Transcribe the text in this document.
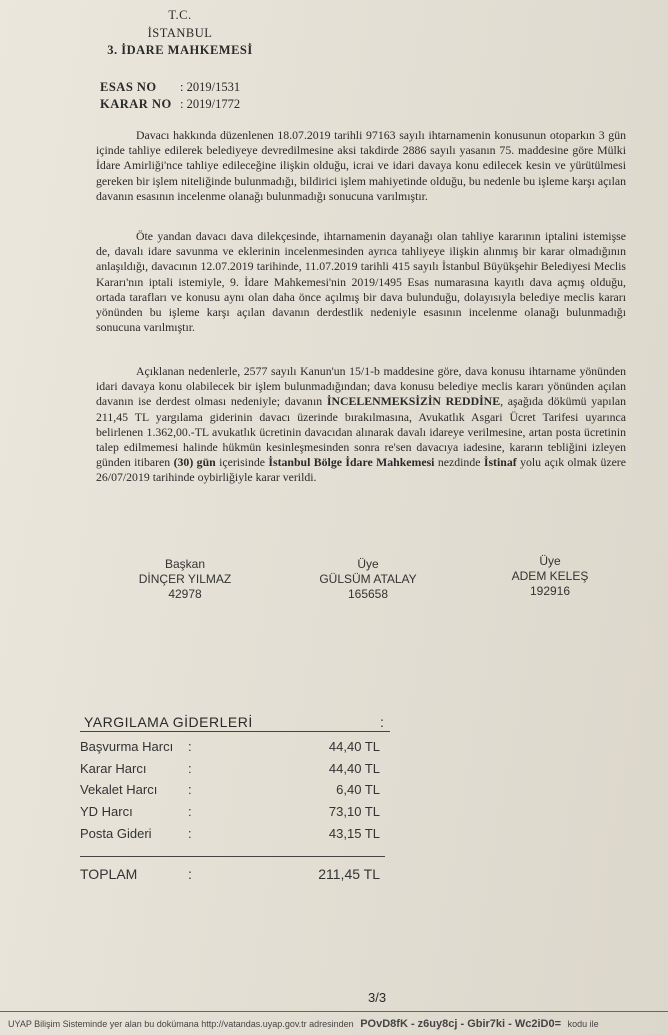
T.C.
İSTANBUL
3. İDARE MAHKEMESİ
ESAS NO : 2019/1531
KARAR NO : 2019/1772
Davacı hakkında düzenlenen 18.07.2019 tarihli 97163 sayılı ihtarnamenin konusunun otoparkın 3 gün içinde tahliye edilerek belediyeye devredilmesine aksi takdirde 2886 sayılı yasanın 75. maddesine göre Mülki İdare Amirliği'nce tahliye edileceğine ilişkin olduğu, icrai ve idari davaya konu edilecek kesin ve yürütülmesi gereken bir işlem niteliğinde bulunmadığı, bildirici işlem mahiyetinde olduğu, bu nedenle bu işleme karşı açılan davanın esasının incelenme olanağı bulunmadığı sonucuna varılmıştır.
Öte yandan davacı dava dilekçesinde, ihtarnamenin dayanağı olan tahliye kararının iptalini istemişse de, davalı idare savunma ve eklerinin incelenmesinden ayrıca tahliyeye ilişkin alınmış bir karar olmadığının anlaşıldığı, davacının 12.07.2019 tarihinde, 11.07.2019 tarihli 415 sayılı İstanbul Büyükşehir Belediyesi Meclis Kararı'nın iptali istemiyle, 9. İdare Mahkemesi'nin 2019/1495 Esas numarasına kayıtlı dava açmış olduğu, ortada tarafları ve konusu aynı olan daha önce açılmış bir dava bulunduğu, dolayısıyla belediye meclis kararı yönünden bu işleme karşı açılan davanın derdestlik nedeniyle esasının incelenme olanağı bulunmadığı sonucuna varılmıştır.
Açıklanan nedenlerle, 2577 sayılı Kanun'un 15/1-b maddesine göre, dava konusu ihtarname yönünden idari davaya konu olabilecek bir işlem bulunmadığından; dava konusu belediye meclis kararı yönünden açılan davanın ise derdest olması nedeniyle; davanın İNCELENMEKSİZİN REDDİNE, aşağıda dökümü yapılan 211,45 TL yargılama giderinin davacı üzerinde bırakılmasına, Avukatlık Asgari Ücret Tarifesi uyarınca belirlenen 1.362,00.-TL avukatlık ücretinin davacıdan alınarak davalı idareye verilmesine, artan posta ücretinin talep edilmemesi halinde hükmün kesinleşmesinden sonra re'sen davacıya iadesine, kararın tebliğini izleyen günden itibaren (30) gün içerisinde İstanbul Bölge İdare Mahkemesi nezdinde İstinaf yolu açık olmak üzere 26/07/2019 tarihinde oybirliğiyle karar verildi.
Başkan
DİNÇER YILMAZ
42978
Üye
GÜLSÜM ATALAY
165658
Üye
ADEM KELEŞ
192916
YARGILAMA GİDERLERİ	:
Başvurma Harcı :	44,40 TL
Karar Harcı	:	44,40 TL
Vekalet Harcı :	6,40 TL
YD Harcı	:	73,10 TL
Posta Gideri	:	43,15 TL
TOPLAM	:	211,45 TL
3/3
UYAP Bilişim Sisteminde yer alan bu dokümana http://vatandas.uyap.gov.tr adresinden POvD8fK - z6uy8cj - Gbir7ki - Wc2iD0= kodu ile
